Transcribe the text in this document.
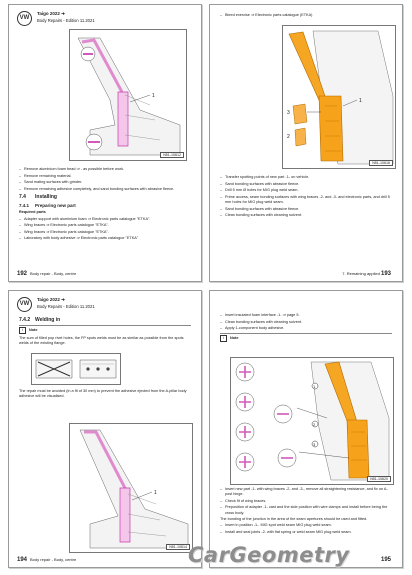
VW
Taigo 2022 ➜
Body Repairs - Edition 11.2021
1
N51-10612
– Remove aluminium foam bead ⇒ - as possible before work.
– Remove remaining material.
– Sand mating surfaces with grinder.
– Remove remaining adhesive completely, and sand bonding surfaces with abrasive fleece.
7.4 Installing
7.4.1 Preparing new part
Required parts
– Adapter support with aluminium foam ⇒ Electronic parts catalogue "ETKA".
– Wing braces ⇒ Electronic parts catalogue "ETKA".
– Wing braces ⇒ Electronic parts catalogue "ETKA".
– Laboratory with body adhesive ⇒ Electronic parts catalogue "ETKA"
192 Body repair - Body, centre
– Bleed exercise ⇒ Electronic parts catalogue (ETKA)
3
2
1
N51-10616
– Transfer spotting points of new part -1- on vehicle.
– Sand bonding surfaces with abrasive fleece.
– Drill 5 mm Ø holes for MIG plug weld seam.
– Prime access, seam bonding surfaces with wing braces -2- and -3- and electronic parts, and drill 5 mm holes for MIG plug weld seam.
– Sand bonding surfaces with abrasive fleece.
– Clean bonding surfaces with cleaning solvent.
7. Remaining applied 193
VW
Taigo 2022 ➜
Body Repairs - Edition 11.2021
7.4.2 Welding in
i Note
The sum of filled pop rivet holes, the FP spots welds must be as similar as possible from the spots welds of the existing flange.
The repair must be avoided (in a fit of 30 mm) to prevent the adhesive ejected from the A-pillar body adhesive will be visualised.
1
N51-10614
194 Body repair - Body, centre
– Insert insulated foam interface -1- ⇒ page 5.
– Clean bonding surfaces with cleaning solvent.
– Apply 1-component body adhesive.
i Note
1
2
3
N51-10620
– Insert new part -1- with wing braces -2- and -3-, remove all straightening resistance, and fix on A-post hinge.
– Check fit of wing braces.
– Preposition of adapter -1- cast and the side position with wire clamps and install before being the cross body.
The bonding of the junction in the area of the seam apertures should be used and fitted.
– Insert in position -1-. MIG spot weld seam MIG plug weld seam.
– Install and seal joints -2- with flat spring or weld seam MIG plug weld seam.
195
CarGeometry
